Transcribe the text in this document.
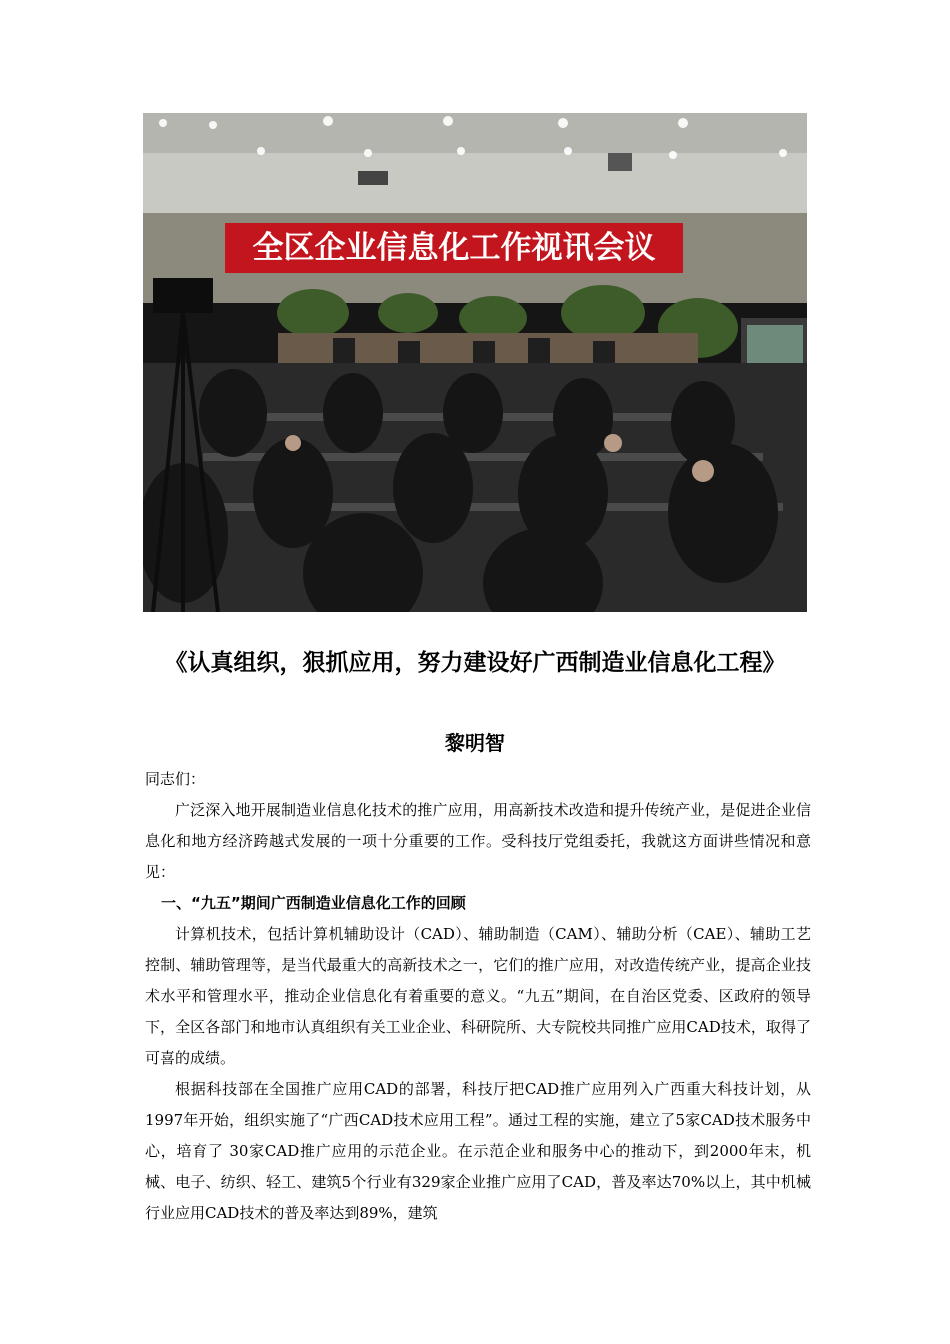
全区企业信息化工作视讯会议
《认真组织，狠抓应用，努力建设好广西制造业信息化工程》
黎明智

同志们：

广泛深入地开展制造业信息化技术的推广应用，用高新技术改造和提升传统产业，是促进企业信息化和地方经济跨越式发展的一项十分重要的工作。受科技厅党组委托，我就这方面讲些情况和意见：

一、“九五”期间广西制造业信息化工作的回顾

计算机技术，包括计算机辅助设计（CAD）、辅助制造（CAM）、辅助分析（CAE）、辅助工艺控制、辅助管理等，是当代最重大的高新技术之一，它们的推广应用，对改造传统产业，提高企业技术水平和管理水平，推动企业信息化有着重要的意义。“九五”期间，在自治区党委、区政府的领导下，全区各部门和地市认真组织有关工业企业、科研院所、大专院校共同推广应用CAD技术，取得了可喜的成绩。

根据科技部在全国推广应用CAD的部署，科技厅把CAD推广应用列入广西重大科技计划，从1997年开始，组织实施了“广西CAD技术应用工程”。通过工程的实施，建立了5家CAD技术服务中心，培育了 30家CAD推广应用的示范企业。在示范企业和服务中心的推动下，到2000年末，机械、电子、纺织、轻工、建筑5个行业有329家企业推广应用了CAD，普及率达70%以上，其中机械行业应用CAD技术的普及率达到89%，建筑
